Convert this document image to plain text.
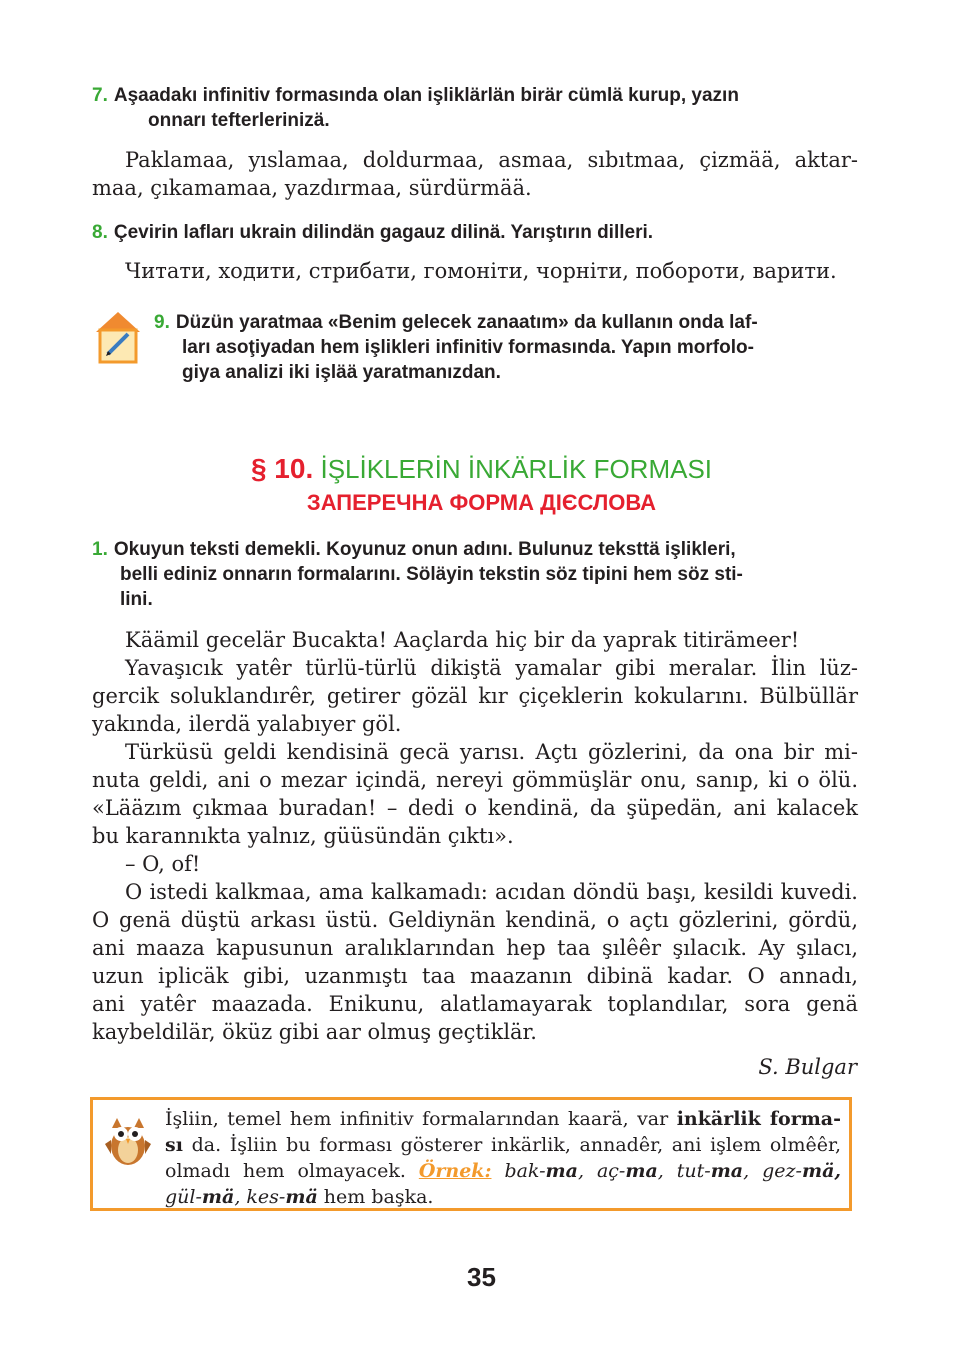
7. Aşaadakı infinitiv formasında olan işliklärlän birär cümlä kurup, yazın
onnarı tefterlerinizä.

Paklamaa, yıslamaa, doldurmaa, asmaa, sıbıtmaa, çizmää, aktar-

maa, çıkamamaa, yazdırmaa, sürdürmää.

8. Çevirin lafları ukrain dilindän gagauz dilinä. Yarıştırın dilleri.

Читати, ходити, стрибати, гомоніти, чорніти, побороти, варити.

9. Düzün yaratmaa «Benim gelecek zanaatım» da kullanın onda laf-
ları asoţiyadan hem işlikleri infinitiv formasında. Yapın morfolo-
giya analizi iki işlää yaratmanızdan.
§ 10. İŞLİKLERİN İNKÄRLİK FORMASI
ЗАПЕРЕЧНА ФОРМА ДІЄСЛОВА
1. Okuyun teksti demekli. Koyunuz onun adını. Bulunuz teksttä işlikleri,
belli ediniz onnarın formalarını. Söläyin tekstin söz tipini hem söz sti-
lini.

Käämil gecelär Bucakta! Aaçlarda hiç bir da yaprak titirämeer!

Yavaşıcık yatêr türlü-türlü dikiştä yamalar gibi meralar. İlin lüz-

gercik soluklandırêr, getirer gözäl kır çiçeklerin kokularını. Bülbüllär

yakında, ilerdä yalabıyer göl.

Türküsü geldi kendisinä gecä yarısı. Açtı gözlerini, da ona bir mi-

nuta geldi, ani o mezar içindä, nereyi gömmüşlär onu, sanıp, ki o ölü.

«Lääzım çıkmaa buradan! – dedi o kendinä, da şüpedän, ani kalacek

bu karannıkta yalnız, güüsündän çıktı».

– O, of!

O istedi kalkmaa, ama kalkamadı: acıdan döndü başı, kesildi kuvedi.

O genä düştü arkası üstü. Geldiynän kendinä, o açtı gözlerini, gördü,

ani maaza kapusunun aralıklarından hep taa şılêêr şılacık. Ay şılacı,

uzun iplicäk gibi, uzanmıştı taa maazanın dibinä kadar. O annadı,

ani yatêr maazada. Enikunu, alatlamayarak toplandılar, sora genä

kaybeldilär, öküz gibi aar olmuş geçtiklär.

S. Bulgar
İşliin, temel hem infinitiv formalarından kaarä, var inkärlik forma-
sı da. İşliin bu forması gösterer inkärlik, annadêr, ani işlem olmêêr,
olmadı hem olmayacek. Örnek: bak-ma, aç-ma, tut-ma, gez-mä,
gül-mä, kes-mä hem başka.
35
